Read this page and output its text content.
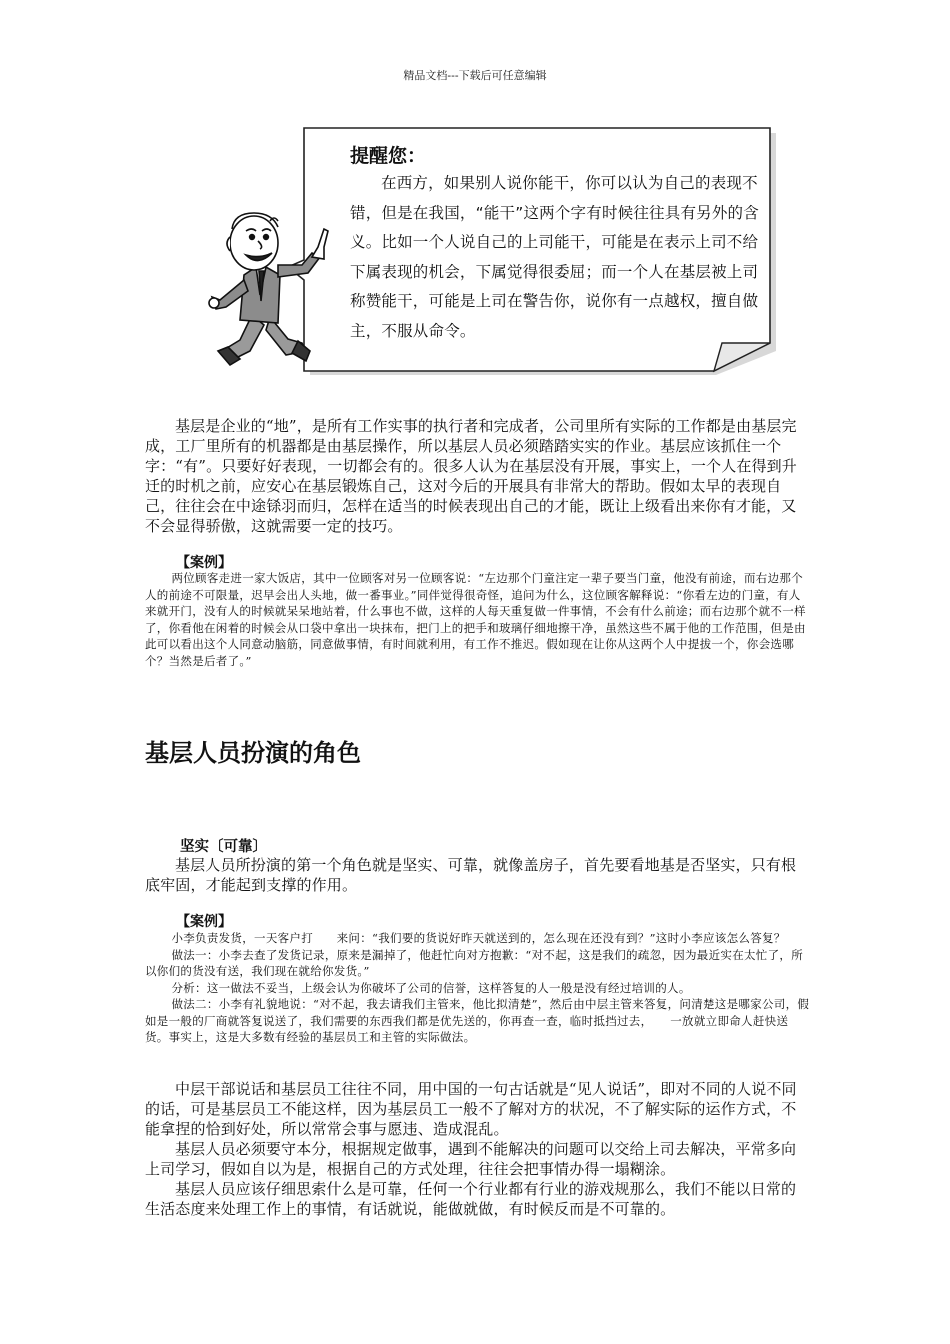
精品文档---下载后可任意编辑
提醒您：
在西方，如果别人说你能干，你可以认为自己的表现不错，但是在我国，“能干”这两个字有时候往往具有另外的含义。比如一个人说自己的上司能干，可能是在表示上司不给下属表现的机会，下属觉得很委屈；而一个人在基层被上司称赞能干，可能是上司在警告你，说你有一点越权，擅自做主，不服从命令。
基层是企业的“地”，是所有工作实事的执行者和完成者，公司里所有实际的工作都是由基层完成，工厂里所有的机器都是由基层操作，所以基层人员必须踏踏实实的作业。基层应该抓住一个字：“有”。只要好好表现，一切都会有的。很多人认为在基层没有开展，事实上，一个人在得到升迁的时机之前，应安心在基层锻炼自己，这对今后的开展具有非常大的帮助。假如太早的表现自己，往往会在中途铩羽而归，怎样在适当的时候表现出自己的才能，既让上级看出来你有才能，又不会显得骄傲，这就需要一定的技巧。
【案例】

两位顾客走进一家大饭店，其中一位顾客对另一位顾客说：“左边那个门童注定一辈子要当门童，他没有前途，而右边那个人的前途不可限量，迟早会出人头地，做一番事业。”同伴觉得很奇怪，追问为什么，这位顾客解释说：“你看左边的门童，有人来就开门，没有人的时候就呆呆地站着，什么事也不做，这样的人每天重复做一件事情，不会有什么前途；而右边那个就不一样了，你看他在闲着的时候会从口袋中拿出一块抹布，把门上的把手和玻璃仔细地擦干净，虽然这些不属于他的工作范围，但是由此可以看出这个人同意动脑筋，同意做事情，有时间就利用，有工作不推迟。假如现在让你从这两个人中提拔一个，你会选哪个？当然是后者了。”

基层人员扮演的角色
坚实〔可靠〕
基层人员所扮演的第一个角色就是坚实、可靠，就像盖房子，首先要看地基是否坚实，只有根底牢固，才能起到支撑的作用。
【案例】

小李负责发货，一天客户打　　来问：“我们要的货说好昨天就送到的，怎么现在还没有到？”这时小李应该怎么答复？

做法一：小李去查了发货记录，原来是漏掉了，他赶忙向对方抱歉：“对不起，这是我们的疏忽，因为最近实在太忙了，所以你们的货没有送，我们现在就给你发货。”

分析：这一做法不妥当，上级会认为你破坏了公司的信誉，这样答复的人一般是没有经过培训的人。

做法二：小李有礼貌地说：“对不起，我去请我们主管来，他比拟清楚”，然后由中层主管来答复，问清楚这是哪家公司，假如是一般的厂商就答复说送了，我们需要的东西我们都是优先送的，你再查一查，临时抵挡过去，　　一放就立即命人赶快送货。事实上，这是大多数有经验的基层员工和主管的实际做法。

中层干部说话和基层员工往往不同，用中国的一句古话就是“见人说话”，即对不同的人说不同的话，可是基层员工不能这样，因为基层员工一般不了解对方的状况，不了解实际的运作方式，不能拿捏的恰到好处，所以常常会事与愿违、造成混乱。

基层人员必须要守本分，根据规定做事，遇到不能解决的问题可以交给上司去解决，平常多向上司学习，假如自以为是，根据自己的方式处理，往往会把事情办得一塌糊涂。

基层人员应该仔细思索什么是可靠，任何一个行业都有行业的游戏规那么，我们不能以日常的生活态度来处理工作上的事情，有话就说，能做就做，有时候反而是不可靠的。
